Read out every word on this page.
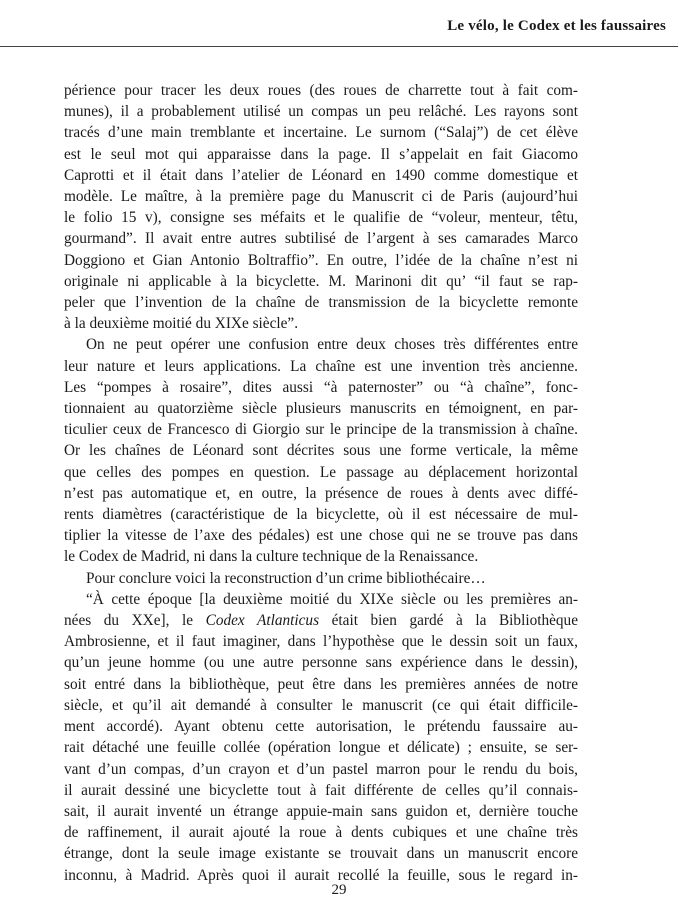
Le vélo, le Codex et les faussaires
périence pour tracer les deux roues (des roues de charrette tout à fait com-
munes), il a probablement utilisé un compas un peu relâché. Les rayons sont
tracés d’une main tremblante et incertaine. Le surnom (“Salaj”) de cet élève
est le seul mot qui apparaisse dans la page. Il s’appelait en fait Giacomo
Caprotti et il était dans l’atelier de Léonard en 1490 comme domestique et
modèle. Le maître, à la première page du Manuscrit ci de Paris (aujourd’hui
le folio 15 v), consigne ses méfaits et le qualifie de “voleur, menteur, têtu,
gourmand”. Il avait entre autres subtilisé de l’argent à ses camarades Marco
Doggiono et Gian Antonio Boltraffio”. En outre, l’idée de la chaîne n’est ni
originale ni applicable à la bicyclette. M. Marinoni dit qu’ “il faut se rap-
peler que l’invention de la chaîne de transmission de la bicyclette remonte
à la deuxième moitié du XIXe siècle”.
On ne peut opérer une confusion entre deux choses très différentes entre
leur nature et leurs applications. La chaîne est une invention très ancienne.
Les “pompes à rosaire”, dites aussi “à paternoster” ou “à chaîne”, fonc-
tionnaient au quatorzième siècle plusieurs manuscrits en témoignent, en par-
ticulier ceux de Francesco di Giorgio sur le principe de la transmission à chaîne.
Or les chaînes de Léonard sont décrites sous une forme verticale, la même
que celles des pompes en question. Le passage au déplacement horizontal
n’est pas automatique et, en outre, la présence de roues à dents avec diffé-
rents diamètres (caractéristique de la bicyclette, où il est nécessaire de mul-
tiplier la vitesse de l’axe des pédales) est une chose qui ne se trouve pas dans
le Codex de Madrid, ni dans la culture technique de la Renaissance.
Pour conclure voici la reconstruction d’un crime bibliothécaire…
“À cette époque [la deuxième moitié du XIXe siècle ou les premières an-
nées du XXe], le Codex Atlanticus était bien gardé à la Bibliothèque
Ambrosienne, et il faut imaginer, dans l’hypothèse que le dessin soit un faux,
qu’un jeune homme (ou une autre personne sans expérience dans le dessin),
soit entré dans la bibliothèque, peut être dans les premières années de notre
siècle, et qu’il ait demandé à consulter le manuscrit (ce qui était difficile-
ment accordé). Ayant obtenu cette autorisation, le prétendu faussaire au-
rait détaché une feuille collée (opération longue et délicate) ; ensuite, se ser-
vant d’un compas, d’un crayon et d’un pastel marron pour le rendu du bois,
il aurait dessiné une bicyclette tout à fait différente de celles qu’il connais-
sait, il aurait inventé un étrange appuie-main sans guidon et, dernière touche
de raffinement, il aurait ajouté la roue à dents cubiques et une chaîne très
étrange, dont la seule image existante se trouvait dans un manuscrit encore
inconnu, à Madrid. Après quoi il aurait recollé la feuille, sous le regard in-
29
